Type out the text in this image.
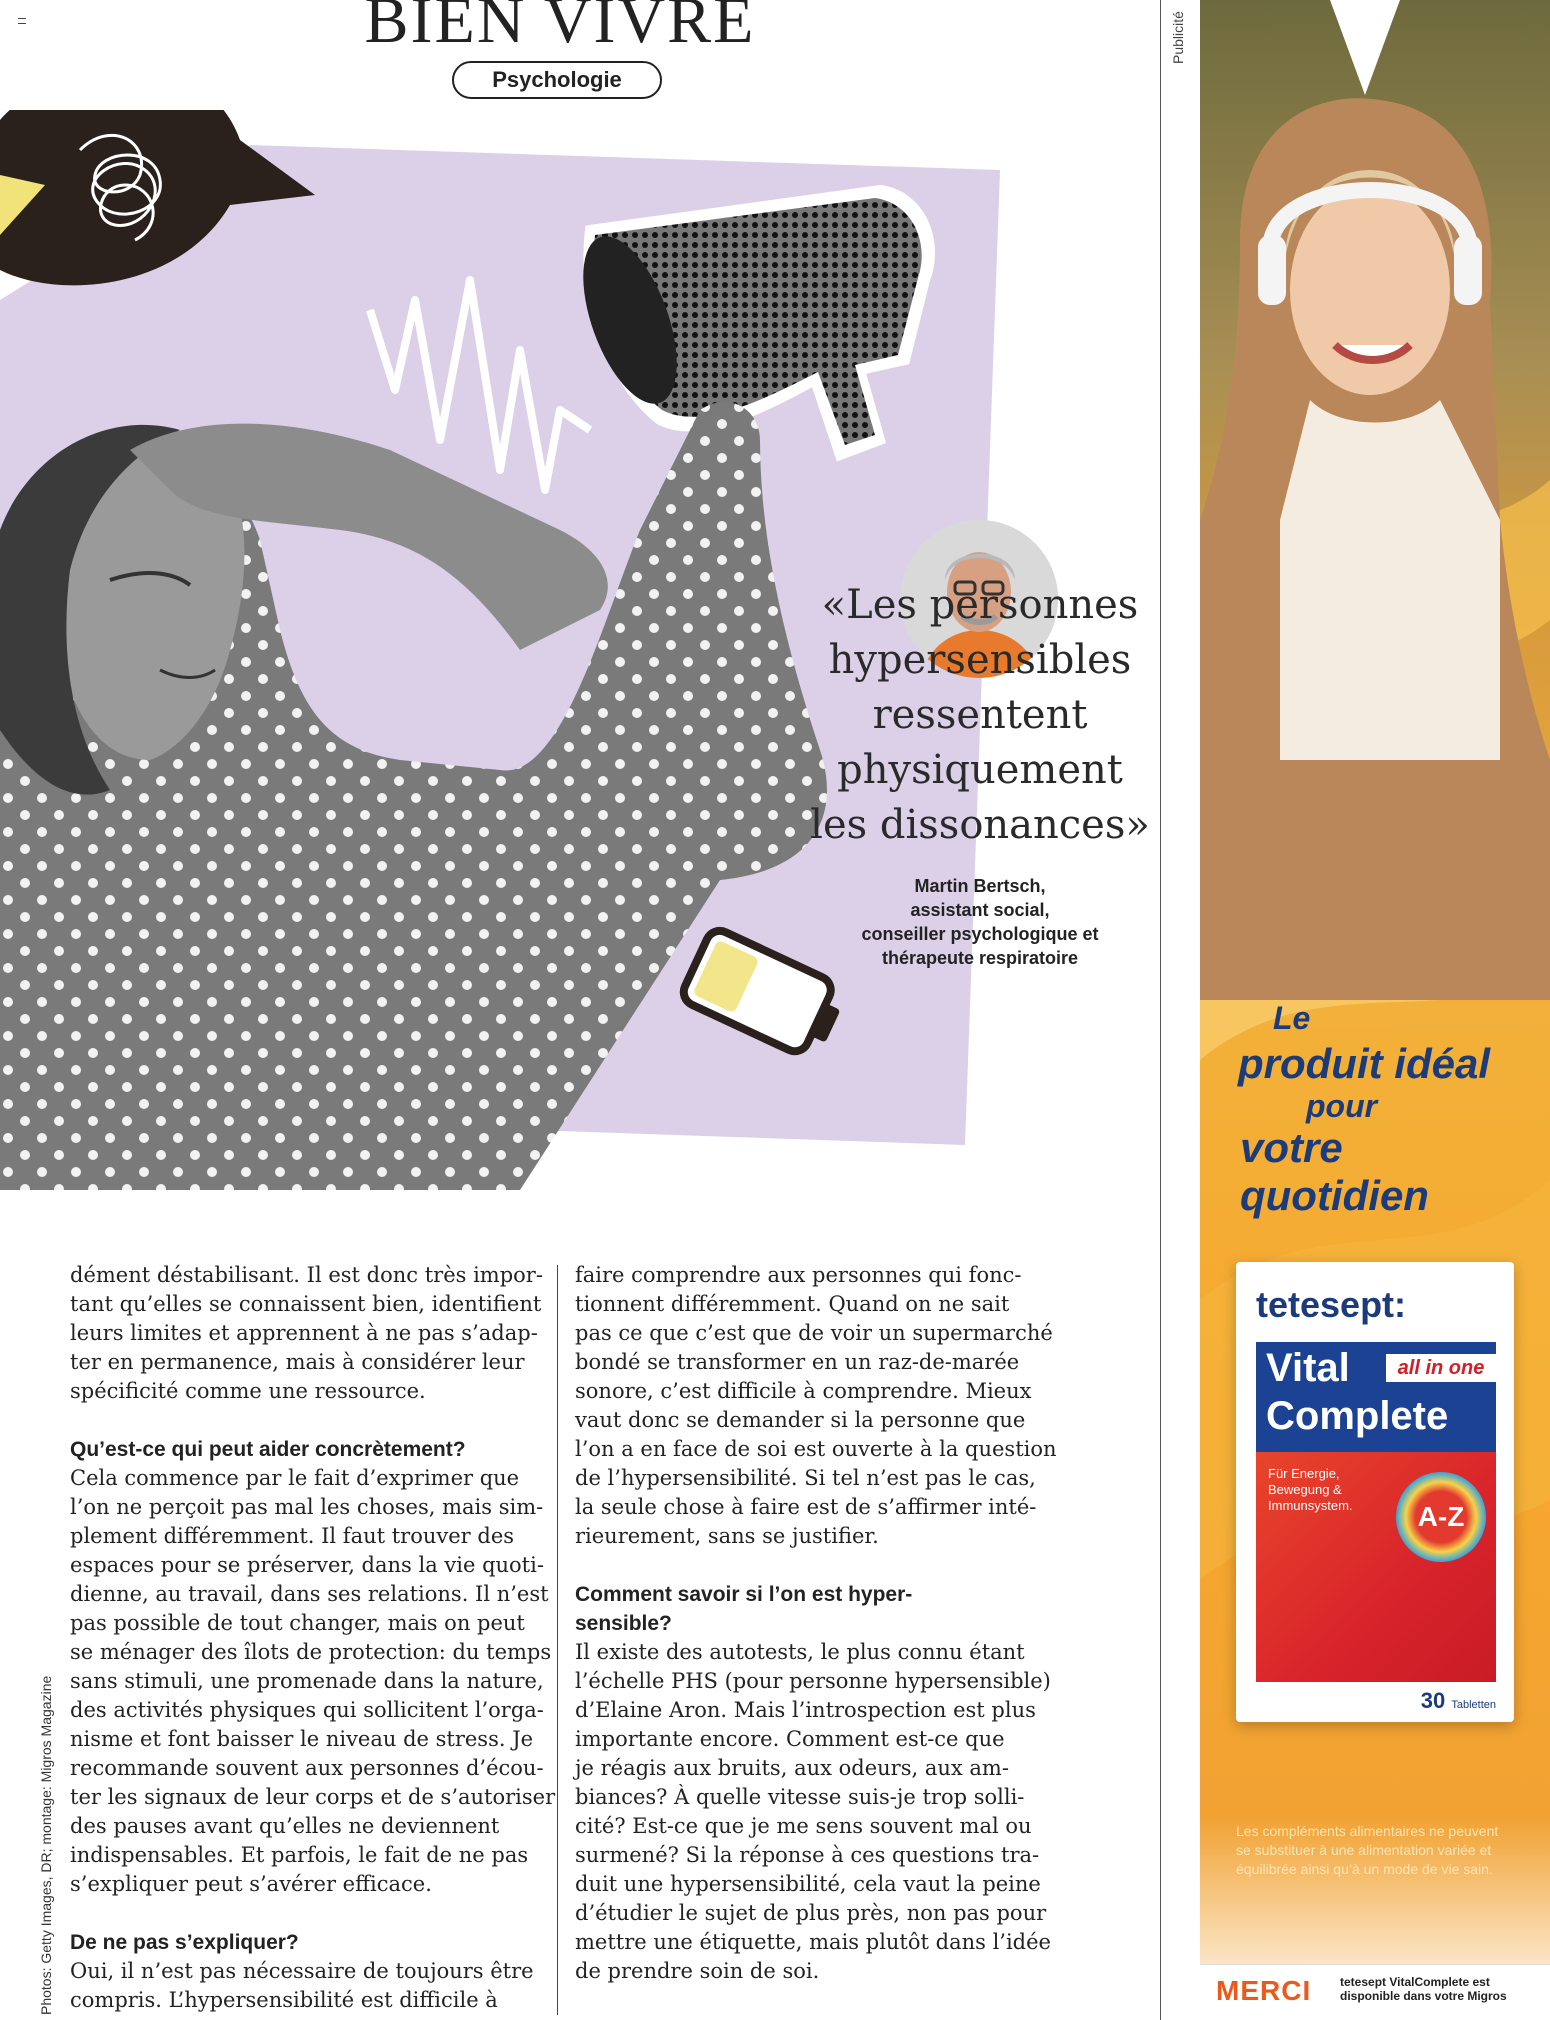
BIEN VIVRE
Psychologie
«Les personnes
hypersensibles
ressentent
physiquement
les dissonances»
Martin Bertsch,
assistant social,
conseiller psychologique et
thérapeute respiratoire
dément déstabilisant. Il est donc très impor-
tant qu’elles se connaissent bien, identifient
leurs limites et apprennent à ne pas s’adap-
ter en permanence, mais à considérer leur
spécificité comme une ressource.
Qu’est-ce qui peut aider concrètement?
Cela commence par le fait d’exprimer que
l’on ne perçoit pas mal les choses, mais sim-
plement différemment. Il faut trouver des
espaces pour se préserver, dans la vie quoti-
dienne, au travail, dans ses relations. Il n’est
pas possible de tout changer, mais on peut
se ménager des îlots de protection: du temps
sans stimuli, une promenade dans la nature,
des activités physiques qui sollicitent l’orga-
nisme et font baisser le niveau de stress. Je
recommande souvent aux personnes d’écou-
ter les signaux de leur corps et de s’autoriser
des pauses avant qu’elles ne deviennent
indispensables. Et parfois, le fait de ne pas
s’expliquer peut s’avérer efficace.
De ne pas s’expliquer?
Oui, il n’est pas nécessaire de toujours être
compris. L’hypersensibilité est difficile à
faire comprendre aux personnes qui fonc-
tionnent différemment. Quand on ne sait
pas ce que c’est que de voir un supermarché
bondé se transformer en un raz-de-marée
sonore, c’est difficile à comprendre. Mieux
vaut donc se demander si la personne que
l’on a en face de soi est ouverte à la question
de l’hypersensibilité. Si tel n’est pas le cas,
la seule chose à faire est de s’affirmer inté-
rieurement, sans se justifier.
Comment savoir si l’on est hyper-
sensible?
Il existe des autotests, le plus connu étant
l’échelle PHS (pour personne hypersensible)
d’Elaine Aron. Mais l’introspection est plus
importante encore. Comment est-ce que
je réagis aux bruits, aux odeurs, aux am-
biances? À quelle vitesse suis-je trop solli-
cité? Est-ce que je me sens souvent mal ou
surmené? Si la réponse à ces questions tra-
duit une hypersensibilité, cela vaut la peine
d’étudier le sujet de plus près, non pas pour
mettre une étiquette, mais plutôt dans l’idée
de prendre soin de soi.
Photos: Getty Images, DR; montage: Migros Magazine
Publicité
Le
produit idéal
pour
votre quotidien
tetesept:
Vital	all in one
Complete
Für Energie, Bewegung & Immunsystem.	A-Z
30 Tabletten
Les compléments alimentaires ne peuvent se substituer à une alimentation variée et équilibrée ainsi qu’à un mode de vie sain.
MERCI tetesept VitalComplete est disponible dans votre Migros
